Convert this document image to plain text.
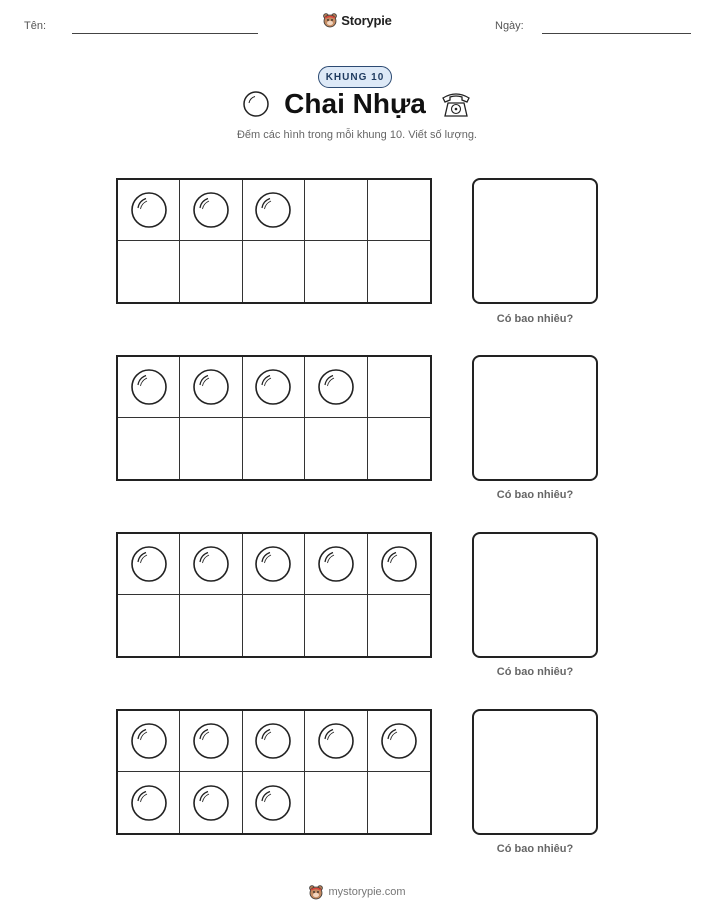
Tên:	Storypie	Ngày:
KHUNG 10
Chai Nhựa
Đếm các hình trong mỗi khung 10. Viết số lượng.
Có bao nhiêu?
Có bao nhiêu?
Có bao nhiêu?
Có bao nhiêu?
mystorypie.com
